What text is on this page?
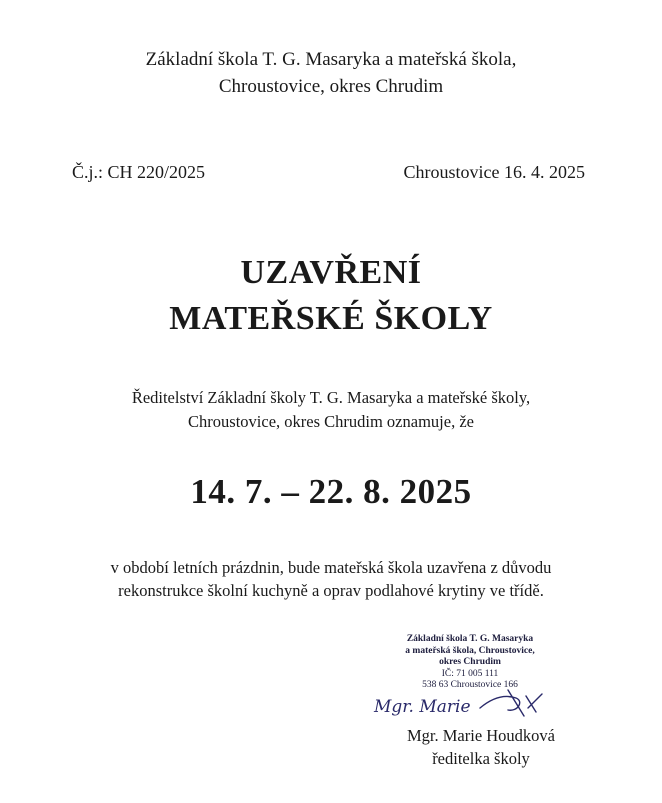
Základní škola T. G. Masaryka a mateřská škola,
Chroustovice, okres Chrudim
Č.j.: CH 220/2025	Chroustovice 16. 4. 2025
UZAVŘENÍ
MATEŘSKÉ ŠKOLY
Ředitelství Základní školy T. G. Masaryka a mateřské školy,
Chroustovice, okres Chrudim oznamuje, že
14. 7. – 22. 8. 2025
v období letních prázdnin, bude mateřská škola uzavřena z důvodu
rekonstrukce školní kuchyně a oprav podlahové krytiny ve třídě.
Základní škola T. G. Masaryka
a mateřská škola, Chroustovice,
okres Chrudim
IČ: 71 005 111
538 63 Chroustovice 166
Mgr. Marie
Mgr. Marie Houdková
ředitelka školy
